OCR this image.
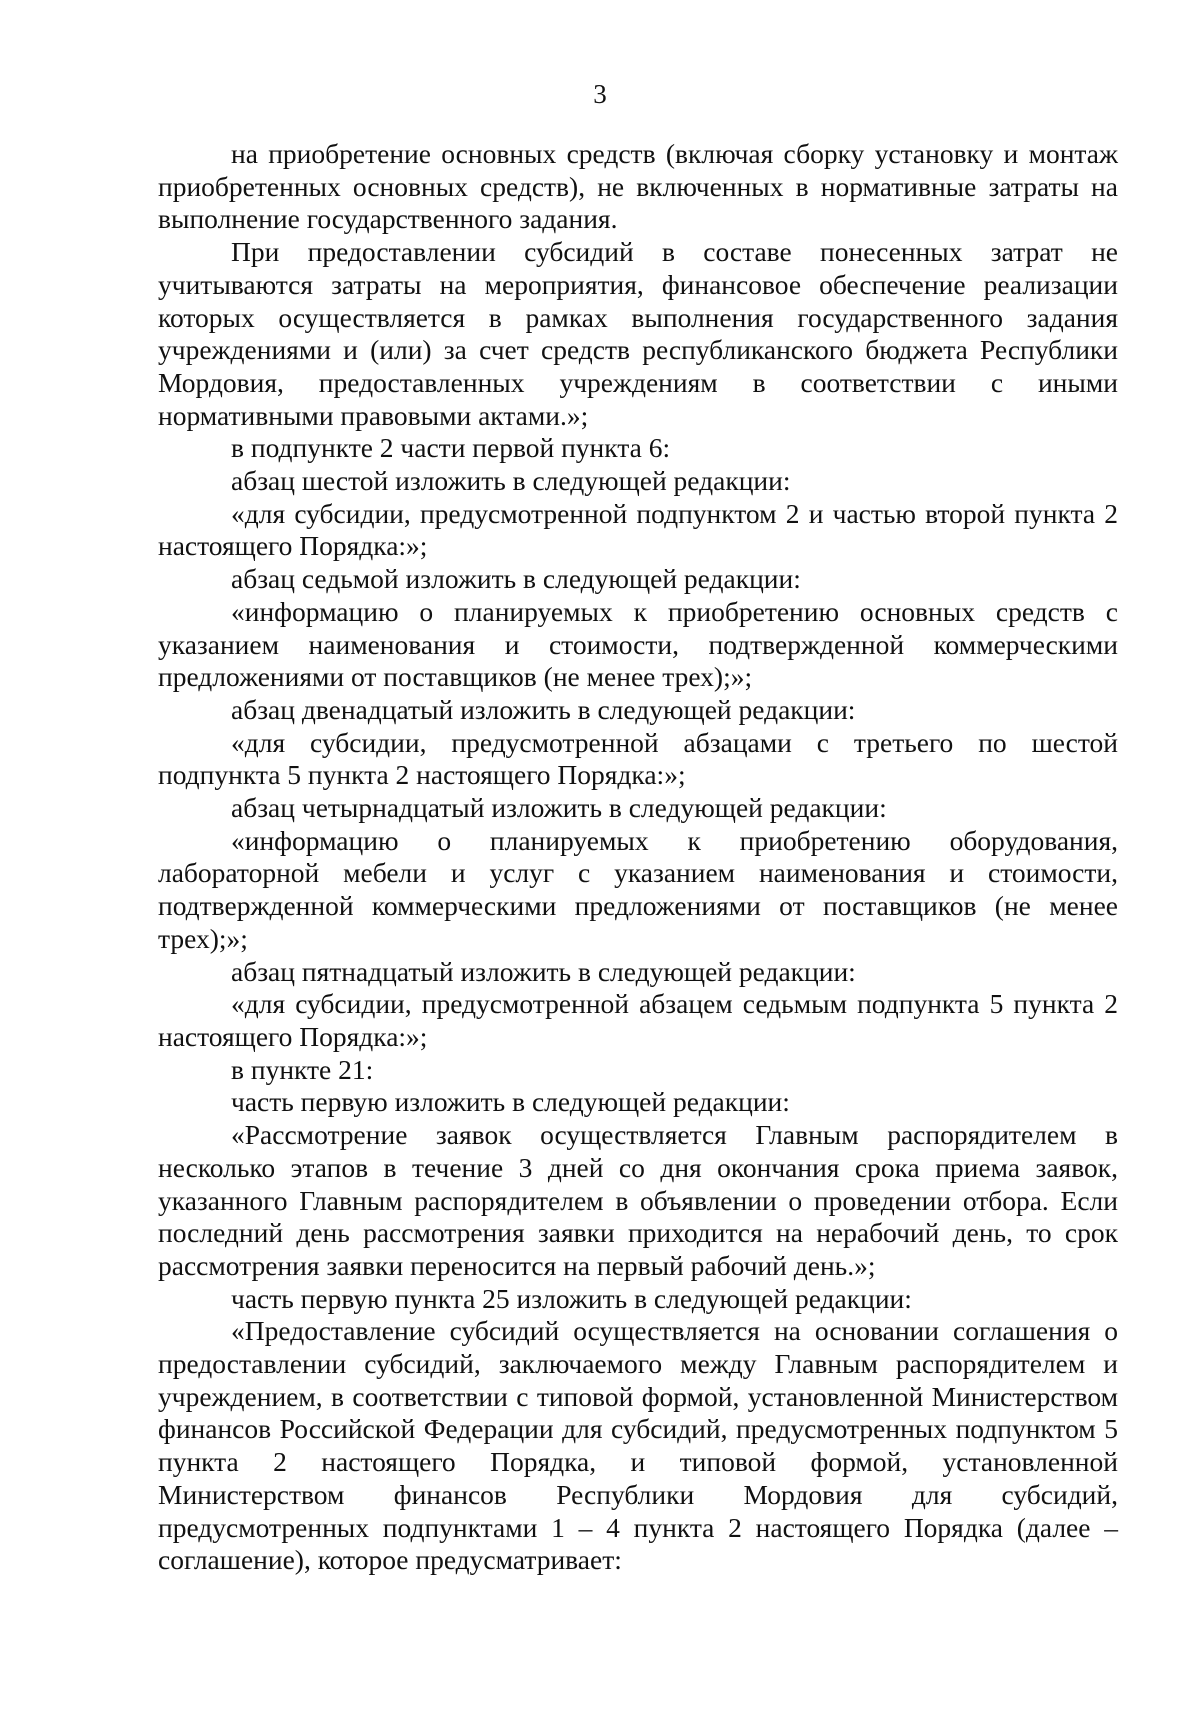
3

на приобретение основных средств (включая сборку установку и монтаж приобретенных основных средств), не включенных в нормативные затраты на выполнение государственного задания.

При предоставлении субсидий в составе понесенных затрат не учитываются затраты на мероприятия, финансовое обеспечение реализации которых осуществляется в рамках выполнения государственного задания учреждениями и (или) за счет средств республиканского бюджета Республики Мордовия, предоставленных учреждениям в соответствии с иными нормативными правовыми актами.»;

в подпункте 2 части первой пункта 6:

абзац шестой изложить в следующей редакции:

«для субсидии, предусмотренной подпунктом 2 и частью второй пункта 2 настоящего Порядка:»;

абзац седьмой изложить в следующей редакции:

«информацию о планируемых к приобретению основных средств с указанием наименования и стоимости, подтвержденной коммерческими предложениями от поставщиков (не менее трех);»;

абзац двенадцатый изложить в следующей редакции:

«для субсидии, предусмотренной абзацами с третьего по шестой подпункта 5 пункта 2 настоящего Порядка:»;

абзац четырнадцатый изложить в следующей редакции:

«информацию о планируемых к приобретению оборудования, лабораторной мебели и услуг с указанием наименования и стоимости, подтвержденной коммерческими предложениями от поставщиков (не менее трех);»;

абзац пятнадцатый изложить в следующей редакции:

«для субсидии, предусмотренной абзацем седьмым подпункта 5 пункта 2 настоящего Порядка:»;

в пункте 21:

часть первую изложить в следующей редакции:

«Рассмотрение заявок осуществляется Главным распорядителем в несколько этапов в течение 3 дней со дня окончания срока приема заявок, указанного Главным распорядителем в объявлении о проведении отбора. Если последний день рассмотрения заявки приходится на нерабочий день, то срок рассмотрения заявки переносится на первый рабочий день.»;

часть первую пункта 25 изложить в следующей редакции:

«Предоставление субсидий осуществляется на основании соглашения о предоставлении субсидий, заключаемого между Главным распорядителем и учреждением, в соответствии с типовой формой, установленной Министерством финансов Российской Федерации для субсидий, предусмотренных подпунктом 5 пункта 2 настоящего Порядка, и типовой формой, установленной Министерством финансов Республики Мордовия для субсидий, предусмотренных подпунктами 1 – 4 пункта 2 настоящего Порядка (далее – соглашение), которое предусматривает:
